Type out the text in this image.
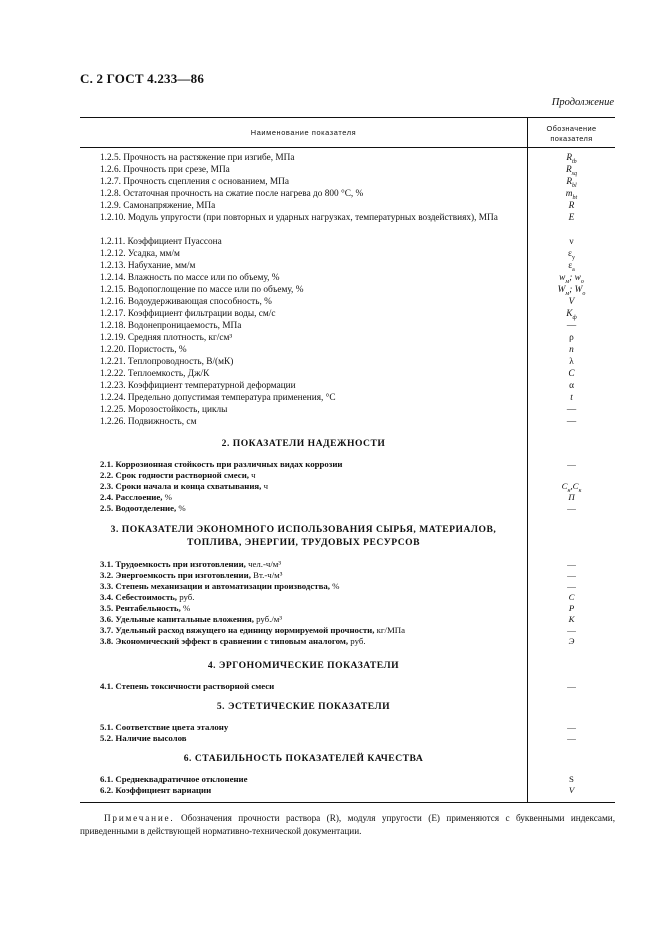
С. 2 ГОСТ 4.233—86
Продолжение
Наименование показателя	Обозначение
показателя
1.2.5. Прочность на растяжение при изгибе, МПа	$R_{tb}$
1.2.6. Прочность при срезе, МПа	$R_{sq}$
1.2.7. Прочность сцепления с основанием, МПа	$R_{bl}$
1.2.8. Остаточная прочность на сжатие после нагрева до 800 °С, %	$m_{bt}$
1.2.9. Самонапряжение, МПа	R
1.2.10. Модуль упругости (при повторных и ударных нагрузках, температурных воздействиях), МПа	E
1.2.11. Коэффициент Пуассона	ν
1.2.12. Усадка, мм/м	$\varepsilon_y$
1.2.13. Набухание, мм/м	$\varepsilon_a$
1.2.14. Влажность по массе или по объему, %	$w_м$; $w_о$
1.2.15. Водопоглощение по массе или по объему, %	$W_м$; $W_о$
1.2.16. Водоудерживающая способность, %	V
1.2.17. Коэффициент фильтрации воды, см/с	$K_ф$
1.2.18. Водонепроницаемость, МПа	—
1.2.19. Средняя плотность, кг/см³	ρ
1.2.20. Пористость, %	n
1.2.21. Теплопроводность, В/(мК)	λ
1.2.22. Теплоемкость, Дж/К	C
1.2.23. Коэффициент температурной деформации	α
1.2.24. Предельно допустимая температура применения, °С	t
1.2.25. Морозостойкость, циклы	—
1.2.26. Подвижность, см	—
2. ПОКАЗАТЕЛИ НАДЕЖНОСТИ
2.1. Коррозионная стойкость при различных видах коррозии	—
2.2. Срок годности растворной смеси, ч
2.3. Сроки начала и конца схватывания, ч	$C_н,C_к$
2.4. Расслоение, %	П
2.5. Водоотделение, %	—
3. ПОКАЗАТЕЛИ ЭКОНОМНОГО ИСПОЛЬЗОВАНИЯ СЫРЬЯ, МАТЕРИАЛОВ,
ТОПЛИВА, ЭНЕРГИИ, ТРУДОВЫХ РЕСУРСОВ
3.1. Трудоемкость при изготовлении, чел.-ч/м³	—
3.2. Энергоемкость при изготовлении, Вт.-ч/м³	—
3.3. Степень механизации и автоматизации производства, %	—
3.4. Себестоимость, руб.	C
3.5. Рентабельность, %	P
3.6. Удельные капитальные вложения, руб./м³	K
3.7. Удельный расход вяжущего на единицу нормируемой прочности, кг/МПа	—
3.8. Экономический эффект в сравнении с типовым аналогом, руб.	Э
4. ЭРГОНОМИЧЕСКИЕ ПОКАЗАТЕЛИ
4.1. Степень токсичности растворной смеси	—
5. ЭСТЕТИЧЕСКИЕ ПОКАЗАТЕЛИ
5.1. Соответствие цвета эталону	—
5.2. Наличие высолов	—
6. СТАБИЛЬНОСТЬ ПОКАЗАТЕЛЕЙ КАЧЕСТВА
6.1. Среднеквадратичное отклонение	S
6.2. Коэффициент вариации	V
Примечание. Обозначения прочности раствора (R), модуля упругости (E) применяются с буквенными индексами, приведенными в действующей нормативно-технической документации.
